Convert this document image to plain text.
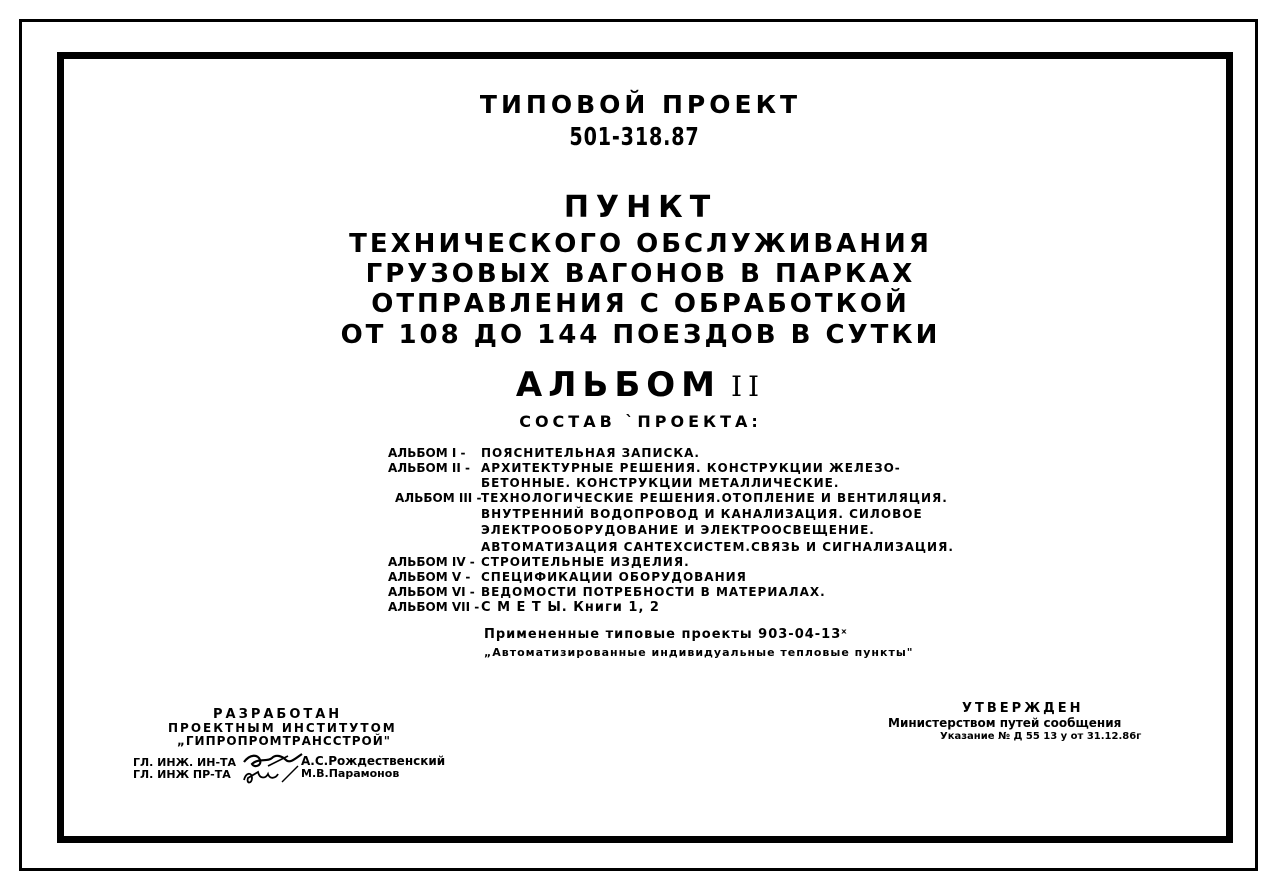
ТИПОВОЙ ПРОЕКТ
501-318.87
ПУНКТ
ТЕХНИЧЕСКОГО ОБСЛУЖИВАНИЯ
ГРУЗОВЫХ ВАГОНОВ В ПАРКАХ
ОТПРАВЛЕНИЯ С ОБРАБОТКОЙ
ОТ 108 ДО 144 ПОЕЗДОВ В СУТКИ
АЛЬБОМ II
СОСТАВ `ПРОЕКТА:
АЛЬБОМ I - ПОЯСНИТЕЛЬНАЯ ЗАПИСКА.
АЛЬБОМ II - АРХИТЕКТУРНЫЕ РЕШЕНИЯ. КОНСТРУКЦИИ ЖЕЛЕЗО-
БЕТОННЫЕ. КОНСТРУКЦИИ МЕТАЛЛИЧЕСКИЕ.
АЛЬБОМ III - ТЕХНОЛОГИЧЕСКИЕ РЕШЕНИЯ.ОТОПЛЕНИЕ И ВЕНТИЛЯЦИЯ.
ВНУТРЕННИЙ ВОДОПРОВОД И КАНАЛИЗАЦИЯ. СИЛОВОЕ
ЭЛЕКТРООБОРУДОВАНИЕ И ЭЛЕКТРООСВЕЩЕНИЕ.
АВТОМАТИЗАЦИЯ САНТЕХСИСТЕМ.СВЯЗЬ И СИГНАЛИЗАЦИЯ.
АЛЬБОМ IV - СТРОИТЕЛЬНЫЕ ИЗДЕЛИЯ.
АЛЬБОМ V - СПЕЦИФИКАЦИИ ОБОРУДОВАНИЯ
АЛЬБОМ VI - ВЕДОМОСТИ ПОТРЕБНОСТИ В МАТЕРИАЛАХ.
АЛЬБОМ VII - С М Е Т Ы. Книги 1, 2
Примененные типовые проекты 903-04-13ˣ
„Автоматизированные индивидуальные тепловые пункты"
РАЗРАБОТАН
ПРОЕКТНЫМ ИНСТИТУТОМ
„ГИПРОПРОМТРАНССТРОЙ"
ГЛ. ИНЖ. ИН-ТА
ГЛ. ИНЖ ПР-ТА
А.С.Рождественский
М.В.Парамонов
УТВЕРЖДЕН
Министерством путей сообщения
Указание № Д 55 13 у от 31.12.86г
